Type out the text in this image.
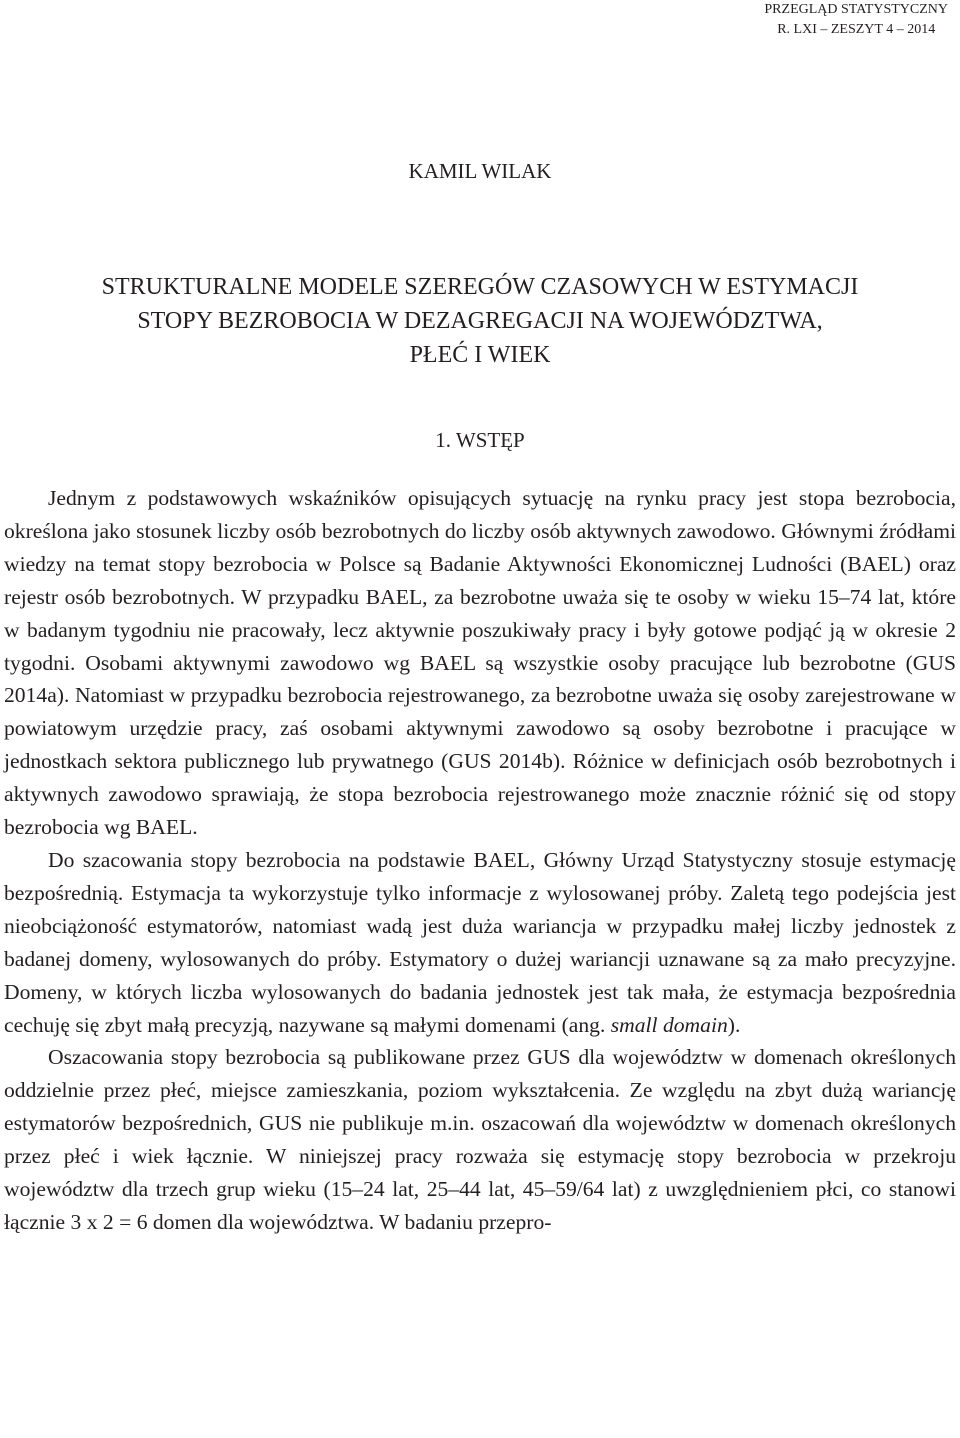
PRZEGLĄD STATYSTYCZNY
R. LXI – ZESZYT 4 – 2014
KAMIL WILAK
STRUKTURALNE MODELE SZEREGÓW CZASOWYCH W ESTYMACJI
STOPY BEZROBOCIA W DEZAGREGACJI NA WOJEWÓDZTWA,
PŁEĆ I WIEK
1. WSTĘP

Jednym z podstawowych wskaźników opisujących sytuację na rynku pracy jest stopa bezrobocia, określona jako stosunek liczby osób bezrobotnych do liczby osób aktywnych zawodowo. Głównymi źródłami wiedzy na temat stopy bezrobocia w Polsce są Badanie Aktywności Ekonomicznej Ludności (BAEL) oraz rejestr osób bezrobotnych. W przypadku BAEL, za bezrobotne uważa się te osoby w wieku 15–74 lat, które w badanym tygodniu nie pracowały, lecz aktywnie poszukiwały pracy i były gotowe podjąć ją w okresie 2 tygodni. Osobami aktywnymi zawodowo wg BAEL są wszystkie osoby pracujące lub bezrobotne (GUS 2014a). Natomiast w przypadku bezrobocia rejestrowanego, za bezrobotne uważa się osoby zarejestrowane w powiatowym urzędzie pracy, zaś osobami aktywnymi zawodowo są osoby bezrobotne i pracujące w jednostkach sektora publicznego lub prywatnego (GUS 2014b). Różnice w definicjach osób bezrobotnych i aktywnych zawodowo sprawiają, że stopa bezrobocia rejestrowanego może znacznie różnić się od stopy bezrobocia wg BAEL.

Do szacowania stopy bezrobocia na podstawie BAEL, Główny Urząd Statystyczny stosuje estymację bezpośrednią. Estymacja ta wykorzystuje tylko informacje z wylosowanej próby. Zaletą tego podejścia jest nieobciążoność estymatorów, natomiast wadą jest duża wariancja w przypadku małej liczby jednostek z badanej domeny, wylosowanych do próby. Estymatory o dużej wariancji uznawane są za mało precyzyjne. Domeny, w których liczba wylosowanych do badania jednostek jest tak mała, że estymacja bezpośrednia cechuję się zbyt małą precyzją, nazywane są małymi domenami (ang. small domain).

Oszacowania stopy bezrobocia są publikowane przez GUS dla województw w domenach określonych oddzielnie przez płeć, miejsce zamieszkania, poziom wykształcenia. Ze względu na zbyt dużą wariancję estymatorów bezpośrednich, GUS nie publikuje m.in. oszacowań dla województw w domenach określonych przez płeć i wiek łącznie. W niniejszej pracy rozważa się estymację stopy bezrobocia w przekroju województw dla trzech grup wieku (15–24 lat, 25–44 lat, 45–59/64 lat) z uwzględnieniem płci, co stanowi łącznie 3 x 2 = 6 domen dla województwa. W badaniu przepro-
